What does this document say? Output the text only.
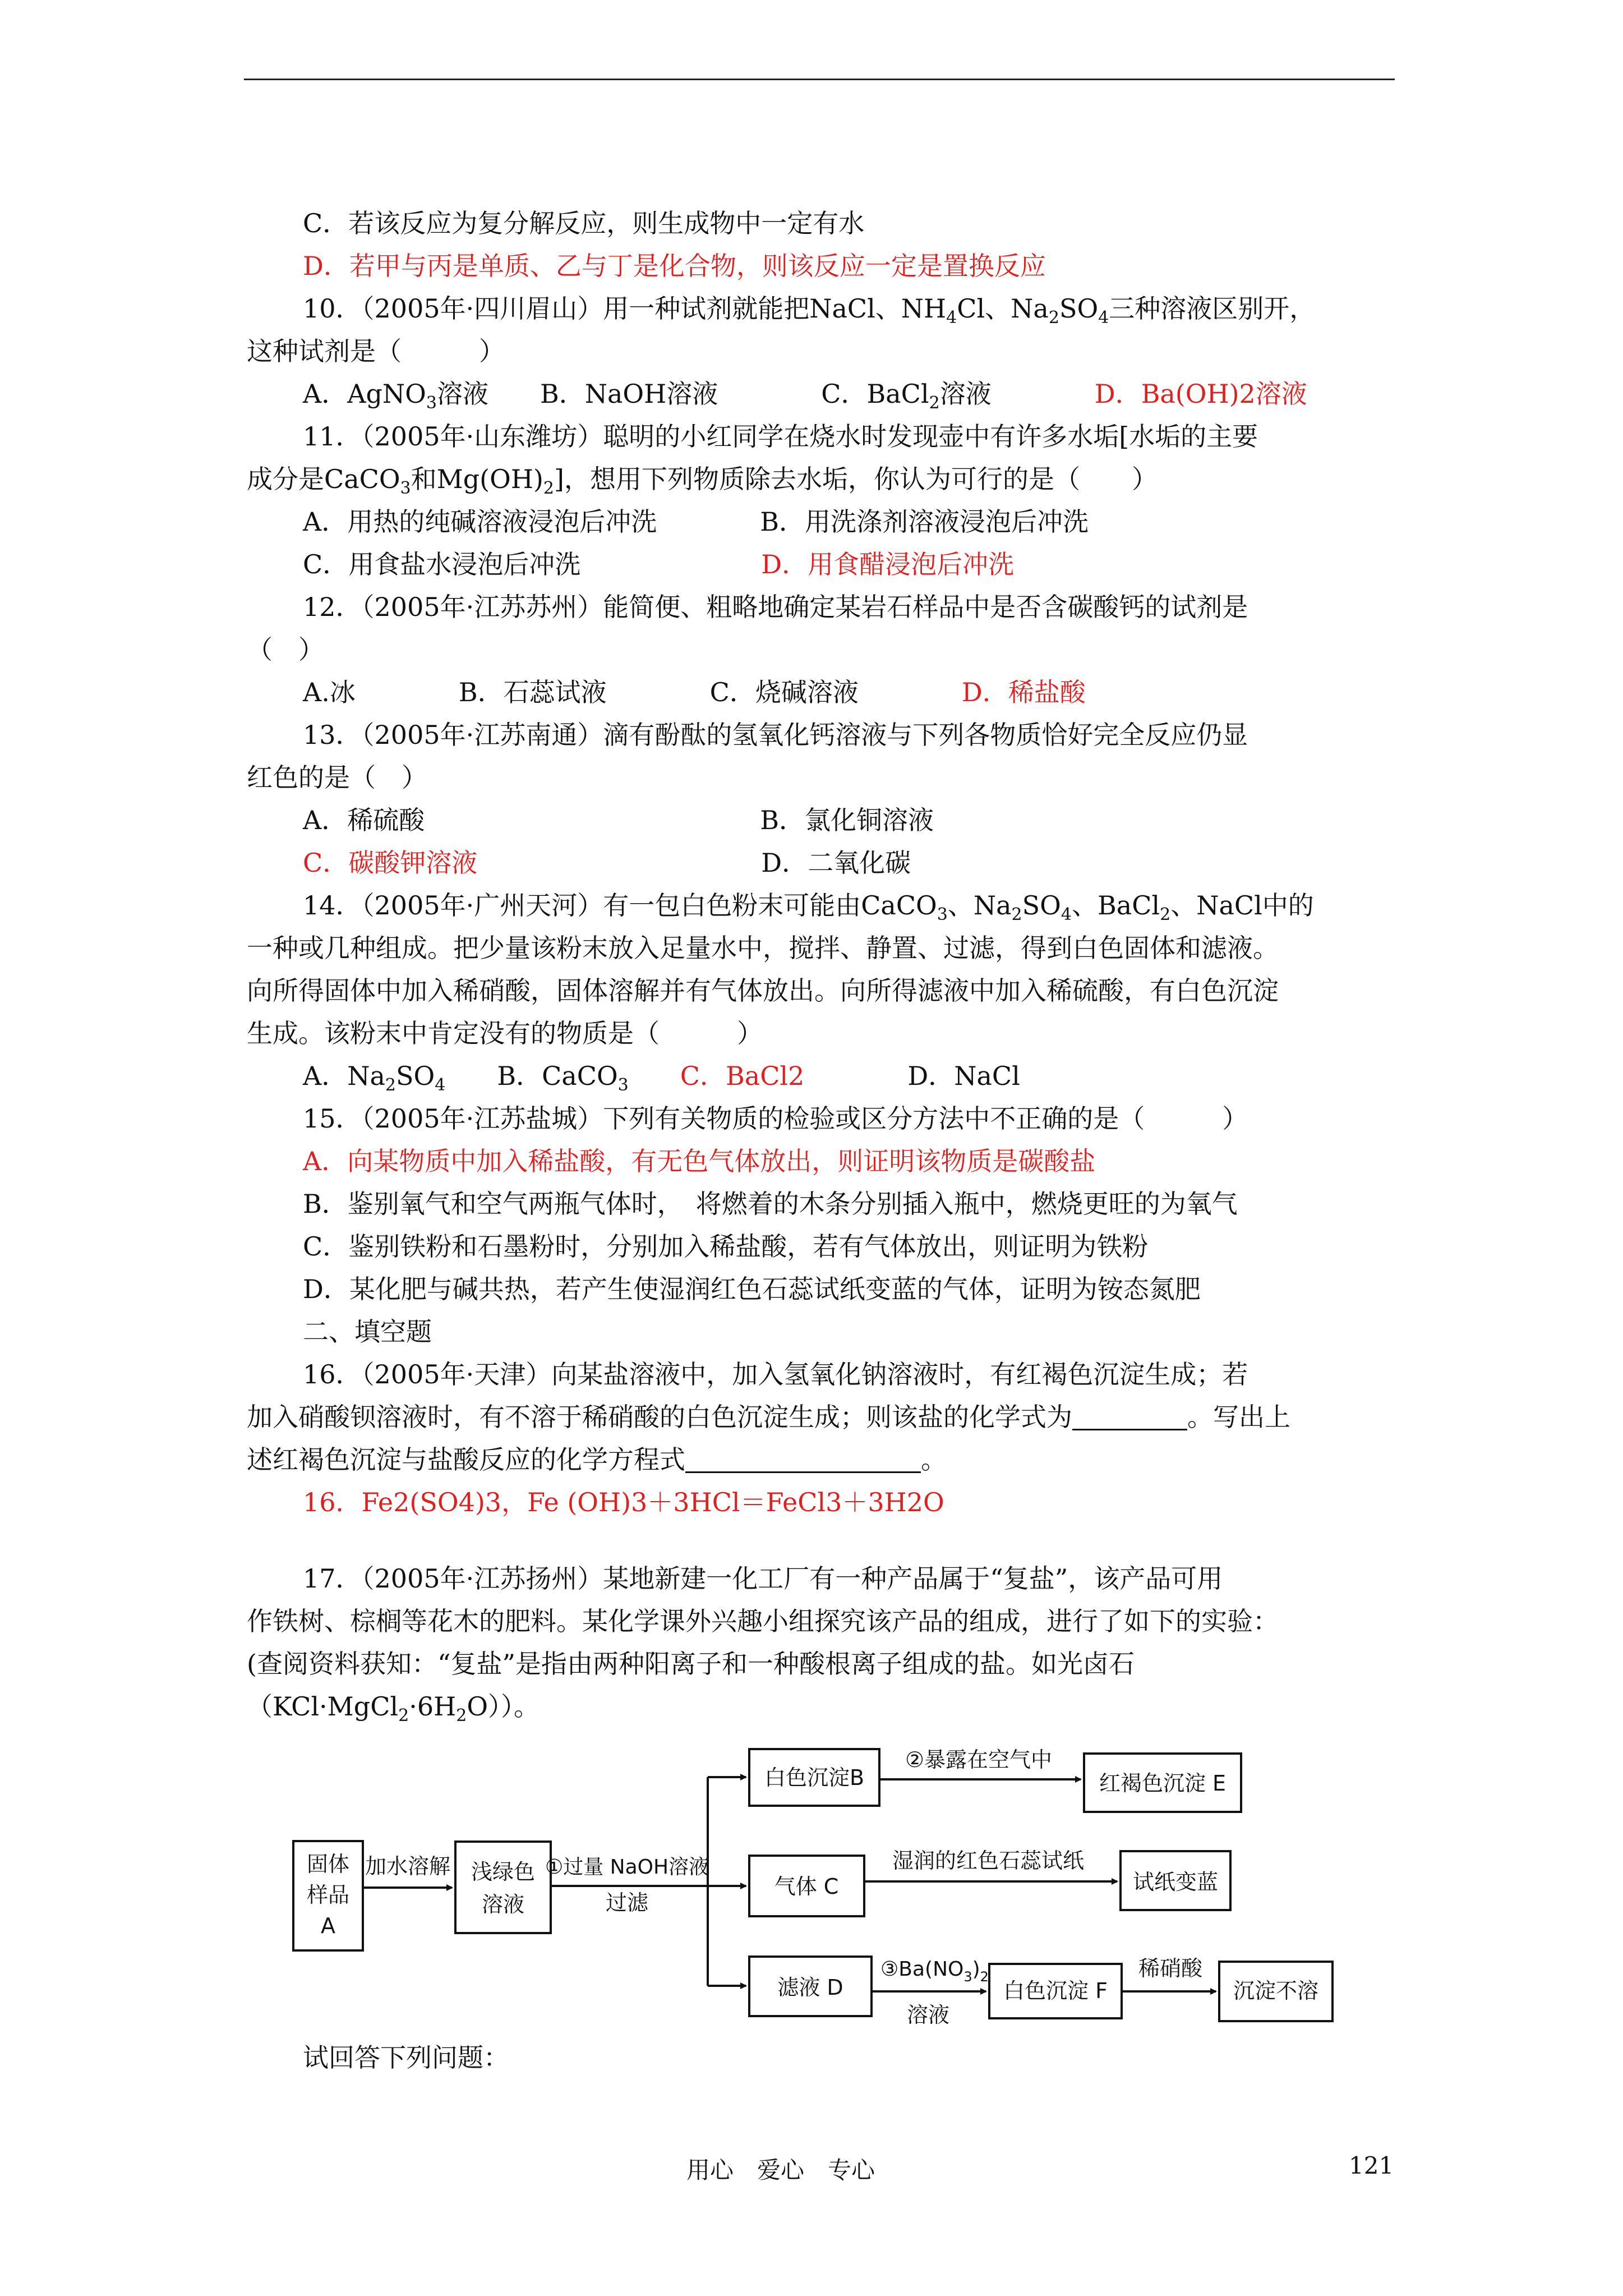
C．若该反应为复分解反应，则生成物中一定有水
D．若甲与丙是单质、乙与丁是化合物，则该反应一定是置换反应
10．（2005年·四川眉山）用一种试剂就能把NaCl、$NH_4Cl$、$Na_2SO_4$三种溶液区别开，
这种试剂是（　　　）
A．AgNO$_3$溶液　　B．NaOH溶液　　　　C．BaCl$_2$溶液　　　　D．Ba(OH)2溶液
11．（2005年·山东潍坊）聪明的小红同学在烧水时发现壶中有许多水垢[水垢的主要
成分是CaCO$_3$和$Mg(OH)_2$]，想用下列物质除去水垢，你认为可行的是（　　）
A．用热的纯碱溶液浸泡后冲洗　　　　B．用洗涤剂溶液浸泡后冲洗
C．用食盐水浸泡后冲洗　　　　　　　D．用食醋浸泡后冲洗
12．（2005年·江苏苏州）能简便、粗略地确定某岩石样品中是否含碳酸钙的试剂是
（　）
A.冰　　　　B．石蕊试液　　　　C．烧碱溶液　　　　D．稀盐酸
13．（2005年·江苏南通）滴有酚酞的氢氧化钙溶液与下列各物质恰好完全反应仍显
红色的是（　）
A．稀硫酸　　　　　　　　　　　　　B．氯化铜溶液
C．碳酸钾溶液　　　　　　　　　　　D．二氧化碳
14．（2005年·广州天河）有一包白色粉末可能由CaCO$_3$、$Na_2SO_4$、BaCl$_2$、NaCl中的
一种或几种组成。把少量该粉末放入足量水中，搅拌、静置、过滤，得到白色固体和滤液。
向所得固体中加入稀硝酸，固体溶解并有气体放出。向所得滤液中加入稀硫酸，有白色沉淀
生成。该粉末中肯定没有的物质是（　　　）
A．$Na_2SO_4$　　B．CaCO$_3$　　 C．BaCl2　　　　D．NaCl
15．（2005年·江苏盐城）下列有关物质的检验或区分方法中不正确的是（　　　）
A．向某物质中加入稀盐酸，有无色气体放出，则证明该物质是碳酸盐
B．鉴别氧气和空气两瓶气体时，　将燃着的木条分别插入瓶中，燃烧更旺的为氧气
C．鉴别铁粉和石墨粉时，分别加入稀盐酸，若有气体放出，则证明为铁粉
D．某化肥与碱共热，若产生使湿润红色石蕊试纸变蓝的气体，证明为铵态氮肥
二、填空题
16．（2005年·天津）向某盐溶液中，加入氢氧化钠溶液时，有红褐色沉淀生成；若
加入硝酸钡溶液时，有不溶于稀硝酸的白色沉淀生成；则该盐的化学式为	。写出上
述红褐色沉淀与盐酸反应的化学方程式	。
16．Fe2(SO4)3，Fe (OH)3＋3HCl＝FeCl3＋3H2O
17．（2005年·江苏扬州）某地新建一化工厂有一种产品属于“复盐”，该产品可用
作铁树、棕榈等花木的肥料。某化学课外兴趣小组探究该产品的组成，进行了如下的实验：
(查阅资料获知：“复盐”是指由两种阳离子和一种酸根离子组成的盐。如光卤石
$(KCl\cdot MgCl_2\cdot 6H_2O)$）。
固体
样品
A
加水溶解 浅绿色
溶液
①过量 NaOH溶液
过滤
白色沉淀B
②暴露在空气中
红褐色沉淀 E
气体 C
湿润的红色石蕊试纸
试纸变蓝
滤液 D
$③Ba(NO_3)_2$
溶液
白色沉淀 F
稀硝酸
沉淀不溶
试回答下列问题：
用心　爱心　专心	121
